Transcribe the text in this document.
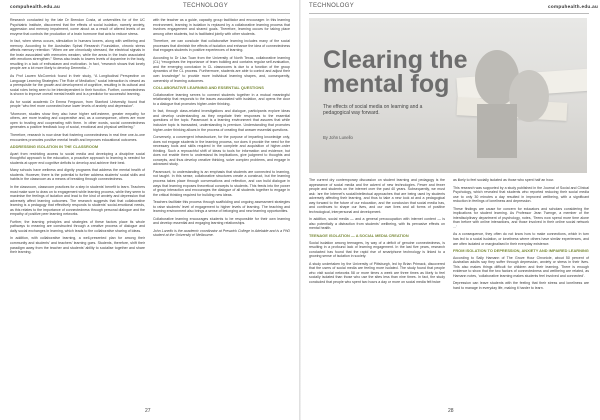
compuhealth.edu.au	TECHNOLOGY

Research conducted by the late Dr Brendon Costa, at universities for of the UC Psychiatric Institute, discovered that the effects of social isolation, namely anxiety, aggression and memory impairment, come about as a result of altered levels of an enzyme that controls the production of a brain hormone that acts to reduce stress.

In fact, when stress occurs, stimulation in humans lowers, along with wellbeing and memory. According to the Australian Spinal Research Foundation, chronic stress affects memory retention: “When we are chronically stressed, the electrical signals in the brain associated with memories weaken, while the areas in the brain associated with emotions strengthen.” Stress also leads to lowers levels of dopamine in the body, resulting in a lack of enthusiasm and motivation. In fact, “research shows that lonely people are a lot more likely to develop Dementia...”

As Prof Lauren McCormick found in their study, “A Longitudinal Perspective on Language Learning Strategies: The Role of Mediation,” social interaction is viewed as a prerequisite for the growth and development of cognitive, resulting in its cultural and social roles being seen to be interdependent in their function. Further, connectedness is shown to improve overall mental health and is a predictor for successful learning.

As for social academic Dr Emma Ferguson, from Stanford University, found that people “who feel more connected have lower levels of anxiety and depression”.

“Moreover, studies show they also have higher self-esteem, greater empathy for others, are more trusting and cooperative and, as a consequence, others are more open to trusting and cooperating with them. In other words, social connectedness generates a positive feedback loop of social, emotional and physical wellbeing.”

Therefore, research is now clear that fostering connectedness in real time one-to-one encounters promotes positive mental health and improves educational outcomes.

ADDRESSING ISOLATION IN THE CLASSROOM

Apart from restricting access to social media and developing a discipline social thoughtful approach to the education, a proactive approach to learning is needed for students at upper end cognitive deficits to develop and achieve their best.

Many schools have wellness and dignity programs that address the mental health of students. However, there is the potential to further address students’ social skills and habits in the classroom as a means of breaking through connectedness.

In the classroom, classroom practices for a step in students’ benefit to learn. Teachers must make sure to draw on to engagement while learning process, while they seem to maximise the feelings of isolation and lead to the kind of anxiety and depression that adversely affect learning outcomes. The research suggests that that collaborative learning is a pedagogy that effectively responds to students’ social-emotional needs, as this relates to the importance of connectedness through personal dialogue and the empathy of positive peer learning networks.

Further, the learning principles and strategies of these factors place its whole pathways to meaning are constructed through a creative process of dialogue and daily social exchanges in learning, which leads to the collaborative sharing of ideas.

In addition, with collaborative learning, a well-presented plan for among their community and students’ and teachers’ learning goes. Students, therefore, shift their paradigm away from the teacher and students’ ability to socialise together and share their learning.

with the teacher as a guide, capacity group facilitator and encourager. In this learning environment, learning in isolation is replaced by a collaborative learning process that involves engagement and shared goals. Therefore, learning occurs for taking place among other students, but is facilitated jointly with other students.

Therefore, we can conclude that collaborative learning includes many of the social processes that diminish the effects of isolation and enhance the idea of connectedness that engages students in positive experiences of learning.

According to Dr Lisa Tuan from the University of North Texas, collaborative learning (CL) “recognises the importance of team building and contains regular self-evaluation, and the emerging conclusion in CL classrooms is due to a function of the group dynamics of the CL process. Furthermore, students are able to control and adjust their own knowledge” to provide more individual learning shapes, and, consequently, ownership of learning outcomes.

COLLABORATIVE LEARNING AND ESSENTIAL QUESTIONS

Collaborative learning serves to connect students together in a mutual meaningful relationship that responds to the issues associated with isolation, and opens the door to a dialogue that promotes higher-order thinking.

In fact, through class-related investigations and dialogue, participants explore ideas and develop understanding as they negotiate their responses to the essential questions of the topic. Paramount is a learning environment that assures that while inclusive topic is transacted, understanding is premium. Understanding that promotes higher-order thinking allows in the process of creating that answer essential questions.

Conversely, a convergent infrastructure, for the purpose of imparting knowledge only, does not engage students in the learning process, nor does it provide the need for the necessary tools and skills required in the complete and acquisition of higher-order thinking. Such a reproachful shift of ideas to tools for information and evidence, but does not enable them to understand its implications, give judgment to thoughts and concepts, and thus develop creative thinking, solve complex problems, and engage in advanced study.

Paramount, to understanding is an emphasis that students are connected to learning, not taught. In this sense, collaborative structures create a construct, but the learning process takes place through conversations and reflection, and can build dialogue in ways that learning exposes theoretical concepts to students. This feeds into the power of group interaction and encourages the dialogue of all students together to engage in the critical thinking required for building new ideas.

Teachers facilitate this process through scaffolding and ongoing assessment strategies to raise students’ level of engagement to higher levels of learning. The teaching and learning environment also brings a sense of belonging and new learning opportunities.

Collaborative learning encourages students to be responsible for their own learning and develop essential and engaging learning relationships.

John Lunello is the academic coordinator at Preswick College in Adelaide and is a PhD student at the University of Melbourne.

27
TECHNOLOGY	compuhealth.edu.au
Clearing the mental fog
The effects of social media on learning and a pedagogical way forward.
By John Lunello

The current dry contemporary discussion on student learning and pedagogy is the appearance of social media and the advent of new technologies. Fewer and fewer people and students on the internet over the past 40 years. Subsequently, we must ask: ‘are the Internet’s social/intellectual approaches that are being used by students adversely affecting their learning, and thus to take a new look at and a pedagogical way forward to the future of our education, and the conclusion that social media has, and continues to shape our lives, and our own lives and all forms of positive technological, interpersonal and development.

In addition, social media — and a general preoccupation with internet content — is also potentially a distraction from students’ wellbeing, with its pervasive effects on mental health.

TEENAGE ISOLATION — A SOCIAL MEDIA CREATION

Social isolation among teenagers, by way of a deficit of genuine connectedness, is resulting in a profound lack of learning engagement. In the last five years, research conducted has found that the rapid rise of smartphone technology is linked to a growing sense of isolation in society.

A study undertaken by the University of Pittsburgh, led by Brian Primack, discovered that the users of social media are feeling more isolated. The study found that people who visit social networks 58 or more times a week are three times as likely to feel socially isolated than those who use the sites less than nine times. In fact, the study concluded that people who spent two hours a day or more on social media felt twice

as likely to feel socially isolated as those who spent half an hour.

This research was supported by a study published in the Journal of Social and Clinical Psychology, which revealed that students who reported reducing their social media use to only 30 minutes a day resulted in improved wellbeing, with a significant reduction in feelings of loneliness and depression.

These findings are cause for concern for educators and scholars considering the implications for student learning. As Professor Jean Twenge, a member of the interdisciplinary department of psychology, notes, ‘Teens now spend more time alone than before with online interactions, and those involved in their online social network ...’

As a consequence, they often do not know how to make connections, which in turn has led to a social isolation, or loneliness where others have similar experiences, and are often isolated or marginalised in their everyday existence.

FROM ISOLATION TO DEPRESSION, ANXIETY AND IMPAIRED LEARNING

According to Sally Hamann of The Grove Hour Chronicle, about 50 percent of Australian adults say they suffer through depression, anxiety or stress in their lives. This also makes things difficult for children and their learning. There is enough evidence to show that the two factors of connectedness and wellbeing are related, as Hamann notes, ‘collaborative learning makes students feel involved and connected’.

Depression can leave students with the feeling that their stress and loneliness are hard to manage in everyday life, making it harder to learn.

28
